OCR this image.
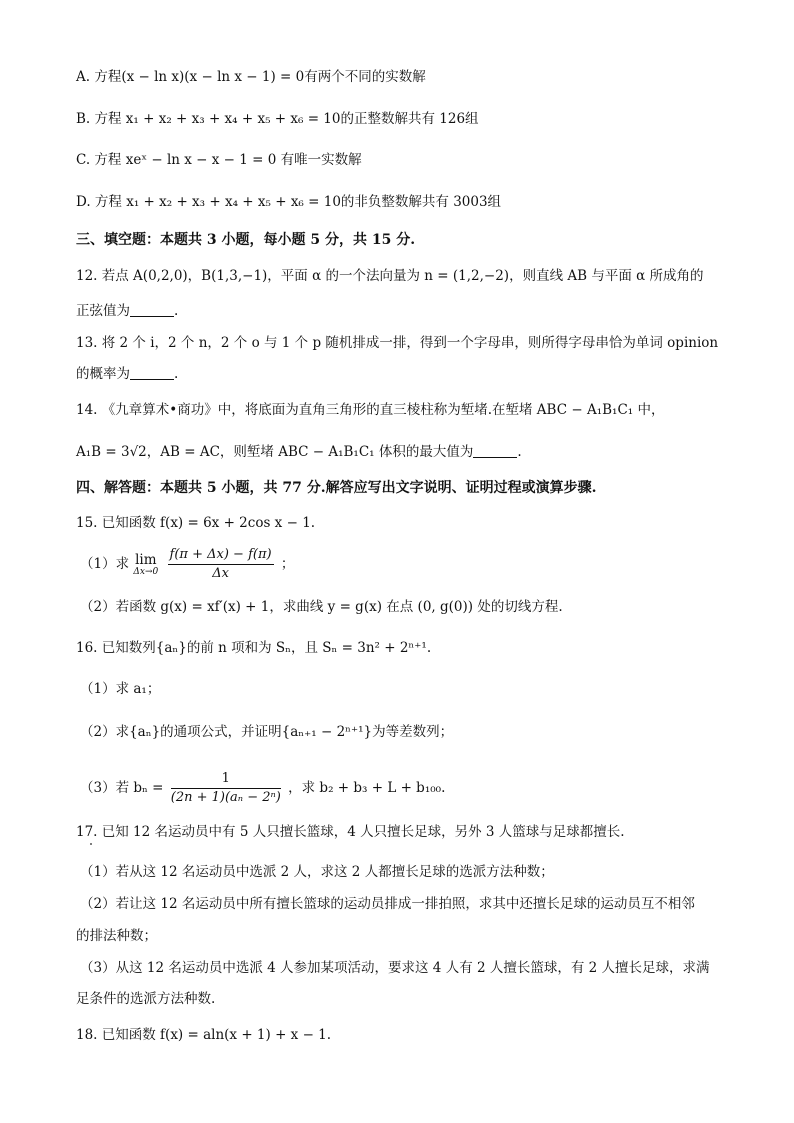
A. 方程(x − ln x)(x − ln x − 1) = 0有两个不同的实数解
B. 方程 x₁ + x₂ + x₃ + x₄ + x₅ + x₆ = 10的正整数解共有 126组
C. 方程 xeˣ − ln x − x − 1 = 0 有唯一实数解
D. 方程 x₁ + x₂ + x₃ + x₄ + x₅ + x₆ = 10的非负整数解共有 3003组
三、填空题：本题共 3 小题，每小题 5 分，共 15 分.
12. 若点 A(0,2,0)，B(1,3,−1)，平面 α 的一个法向量为 n = (1,2,−2)，则直线 AB 与平面 α 所成角的
正弦值为	.
13. 将 2 个 i，2 个 n，2 个 o 与 1 个 p 随机排成一排，得到一个字母串，则所得字母串恰为单词 opinion
的概率为	.
14. 《九章算术•商功》中，将底面为直角三角形的直三棱柱称为堑堵.在堑堵 ABC − A₁B₁C₁ 中，
A₁B = 3√2，AB = AC，则堑堵 ABC − A₁B₁C₁ 体积的最大值为	.
四、解答题：本题共 5 小题，共 77 分.解答应写出文字说明、证明过程或演算步骤.
15. 已知函数 f(x) = 6x + 2cos x − 1.
（1）求 lim
Δx→0
$\frac{f(\pi + \Delta x) - f(\pi)}{\Delta x}$ ；
（2）若函数 g(x) = xf′(x) + 1，求曲线 y = g(x) 在点 (0, g(0)) 处的切线方程.
16. 已知数列{aₙ}的前 n 项和为 Sₙ，且 Sₙ = 3n² + 2ⁿ⁺¹.
（1）求 a₁；
（2）求{aₙ}的通项公式，并证明{aₙ₊₁ − 2ⁿ⁺¹}为等差数列；
（3）若 $b_n = \frac{1}{\text{(2n + 1)(aₙ − 2ⁿ)}}$ ，求 b₂ + b₃ + L + b₁₀₀.
17. 已知 12 名运动员中有 5 人只擅长篮球，4 人只擅长足球，另外 3 人篮球与足球都擅长.
（1）若从这 12 名运动员中选派 2 人，求这 2 人都擅长足球的选派方法种数；
（2）若让这 12 名运动员中所有擅长篮球的运动员排成一排拍照，求其中还擅长足球的运动员互不相邻
的排法种数；
（3）从这 12 名运动员中选派 4 人参加某项活动，要求这 4 人有 2 人擅长篮球，有 2 人擅长足球，求满
足条件的选派方法种数.
18. 已知函数 f(x) = aln(x + 1) + x − 1.
